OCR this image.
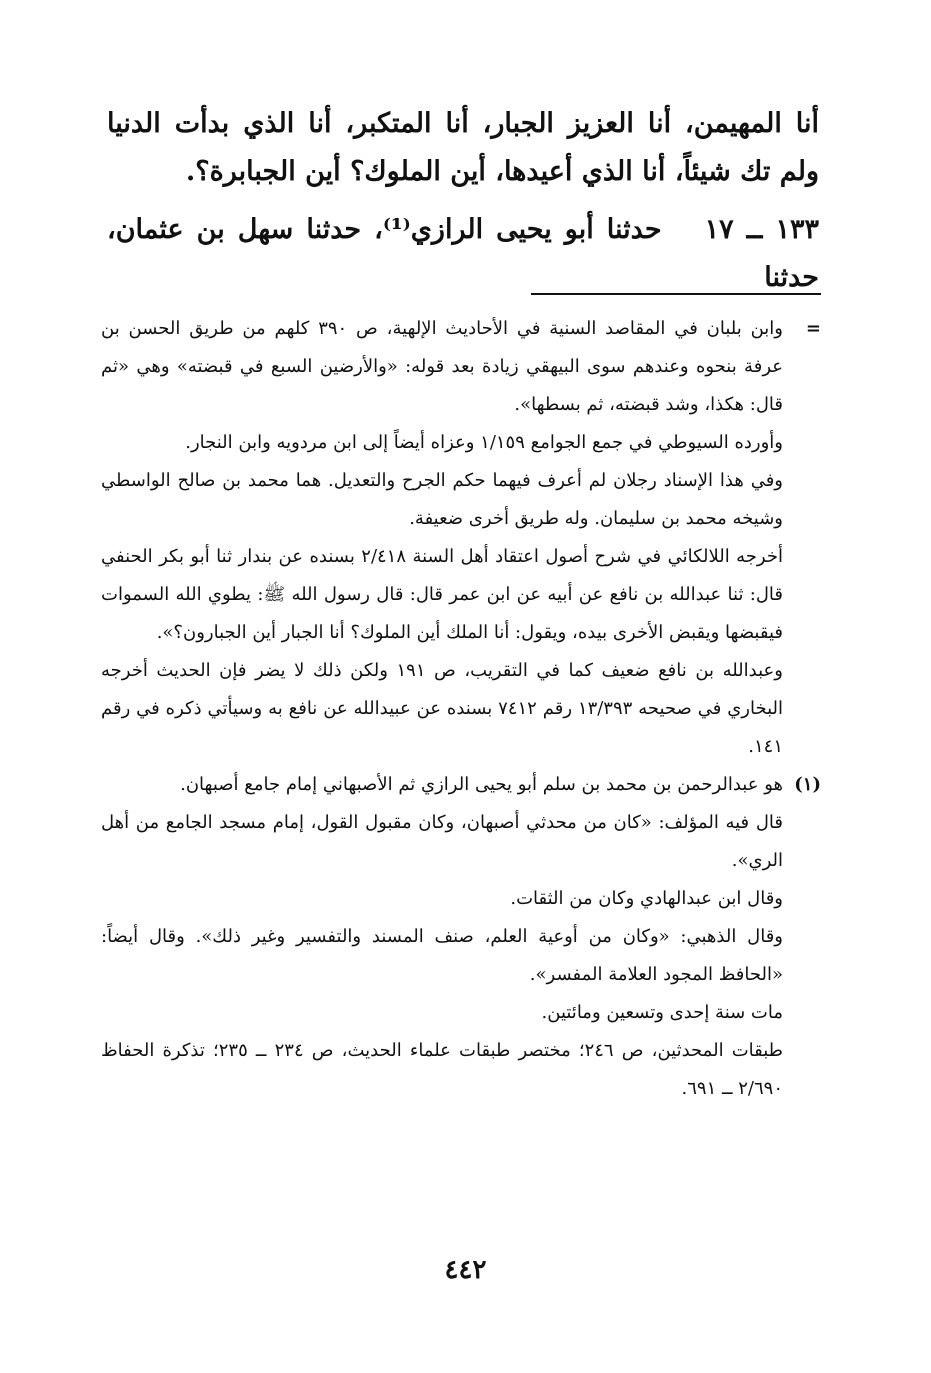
أنا المهيمن، أنا العزيز الجبار، أنا المتكبر، أنا الذي بدأت الدنيا ولم تك شيئاً، أنا الذي أعيدها، أين الملوك؟ أين الجبابرة؟.

١٣٣ ــ ١٧ حدثنا أبو يحيى الرازي⁽¹⁾، حدثنا سهل بن عثمان، حدثنا

=

وابن بلبان في المقاصد السنية في الأحاديث الإلهية، ص ٣٩٠ كلهم من طريق الحسن بن عرفة بنحوه وعندهم سوى البيهقي زيادة بعد قوله: «والأرضين السبع في قبضته» وهي «ثم قال: هكذا، وشد قبضته، ثم بسطها».

وأورده السيوطي في جمع الجوامع ١/١٥٩ وعزاه أيضاً إلى ابن مردويه وابن النجار.

وفي هذا الإسناد رجلان لم أعرف فيهما حكم الجرح والتعديل. هما محمد بن صالح الواسطي وشيخه محمد بن سليمان. وله طريق أخرى ضعيفة.

أخرجه اللالكائي في شرح أصول اعتقاد أهل السنة ٢/٤١٨ بسنده عن بندار ثنا أبو بكر الحنفي قال: ثنا عبدالله بن نافع عن أبيه عن ابن عمر قال: قال رسول الله ﷺ: يطوي الله السموات فيقبضها ويقبض الأخرى بيده، ويقول: أنا الملك أين الملوك؟ أنا الجبار أين الجبارون؟».

وعبدالله بن نافع ضعيف كما في التقريب، ص ١٩١ ولكن ذلك لا يضر فإن الحديث أخرجه البخاري في صحيحه ١٣/٣٩٣ رقم ٧٤١٢ بسنده عن عبيدالله عن نافع به وسيأتي ذكره في رقم ١٤١.

(١)

هو عبدالرحمن بن محمد بن سلم أبو يحيى الرازي ثم الأصبهاني إمام جامع أصبهان.

قال فيه المؤلف: «كان من محدثي أصبهان، وكان مقبول القول، إمام مسجد الجامع من أهل الري».

وقال ابن عبدالهادي وكان من الثقات.

وقال الذهبي: «وكان من أوعية العلم، صنف المسند والتفسير وغير ذلك». وقال أيضاً: «الحافظ المجود العلامة المفسر».

مات سنة إحدى وتسعين ومائتين.

طبقات المحدثين، ص ٢٤٦؛ مختصر طبقات علماء الحديث، ص ٢٣٤ ــ ٢٣٥؛ تذكرة الحفاظ ٢/٦٩٠ ــ ٦٩١.

٤٤٢
